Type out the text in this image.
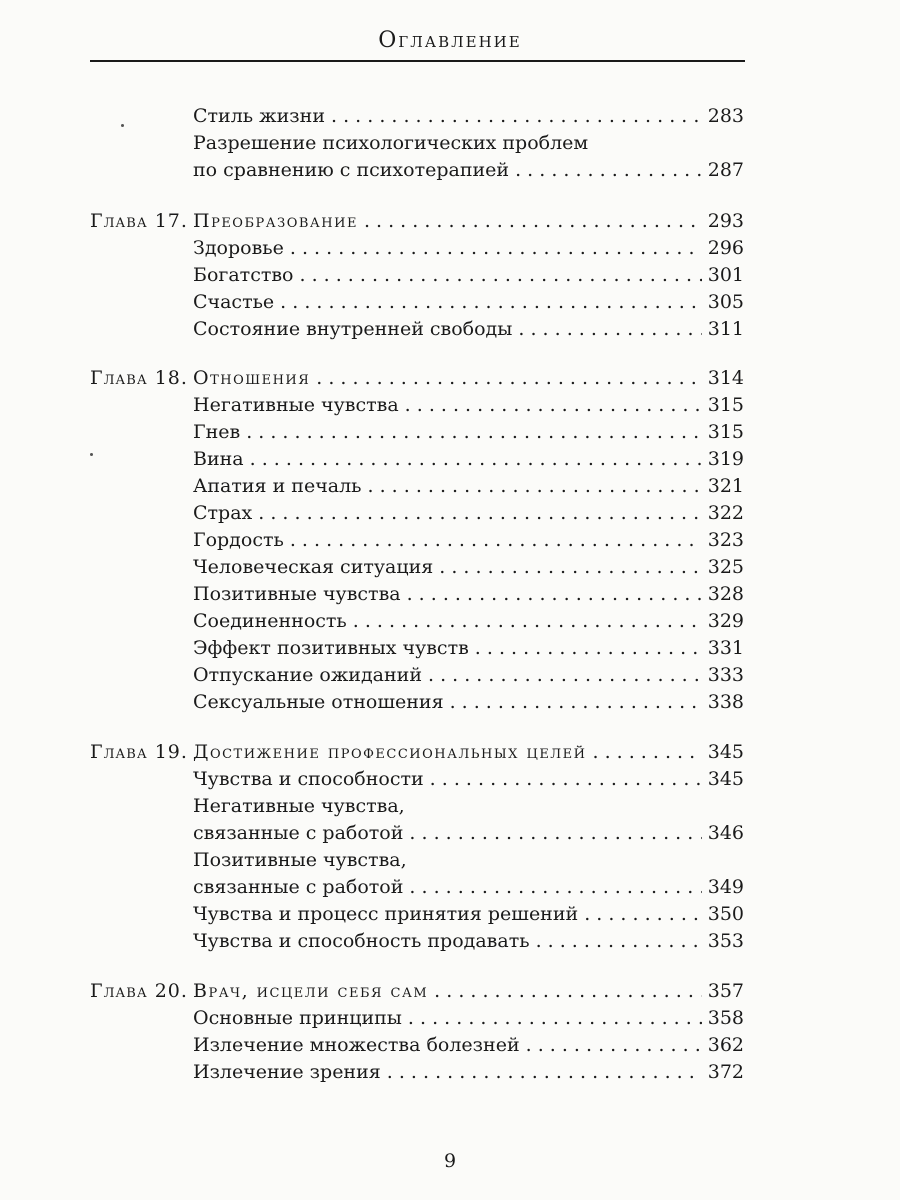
Оглавление
Стиль жизни . . .	283
Разрешение психологических проблем
по сравнению с психотерапией . . .	287
Глава 17. Преобразование . . .	293
Здоровье . . .	296
Богатство . . .	301
Счастье . . .	305
Состояние внутренней свободы . . .	311
Глава 18. Отношения . . .	314
Негативные чувства . . .	315
Гнев . . .	315
Вина . . .	319
Апатия и печаль . . .	321
Страх . . .	322
Гордость . . .	323
Человеческая ситуация . . .	325
Позитивные чувства . . .	328
Соединенность . . .	329
Эффект позитивных чувств . . .	331
Отпускание ожиданий . . .	333
Сексуальные отношения . . .	338
Глава 19. Достижение профессиональных целей . . .	345
Чувства и способности . . .	345
Негативные чувства,
связанные с работой . . .	346
Позитивные чувства,
связанные с работой . . .	349
Чувства и процесс принятия решений . . .	350
Чувства и способность продавать . . .	353
Глава 20. Врач, исцели себя сам . . .	357
Основные принципы . . .	358
Излечение множества болезней . . .	362
Излечение зрения . . .	372
9
